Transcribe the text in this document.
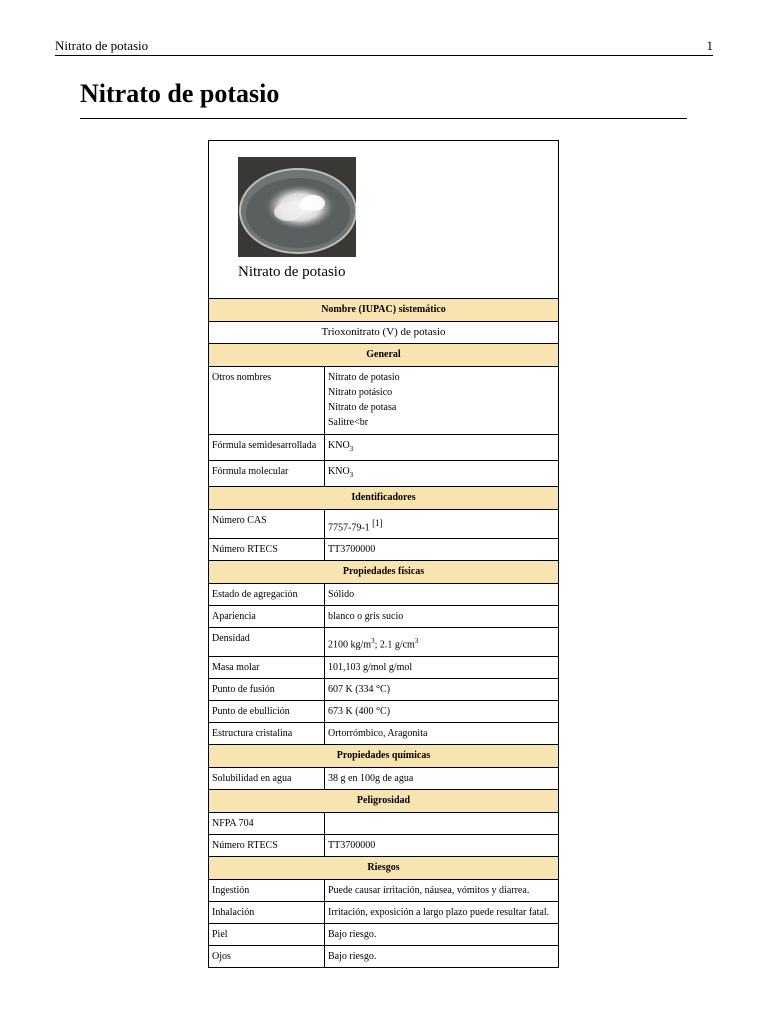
Nitrato de potasio	1
Nitrato de potasio
Nitrato de potasio
Nombre (IUPAC) sistemático	
Trioxonitrato (V) de potasio	
General	
Otros nombres	Nitrato de potasio
Nitrato potásico
Nitrato de potasa
Salitre<br

Fórmula semidesarrollada	$KNO_3$
Fórmula molecular	$KNO_3$
Identificadores	
Número CAS	7757-79-1 [1]
Número RTECS	TT3700000
Propiedades físicas	
Estado de agregación	Sólido
Apariencia	blanco o gris sucio
Densidad	2100 $kg/m^3$; 2.1 $g/cm^3$
Masa molar	101,103 g/mol g/mol
Punto de fusión	607 K (334 °C)
Punto de ebullición	673 K (400 °C)
Estructura cristalina	Ortorrómbico, Aragonita
Propiedades químicas	
Solubilidad en agua	38 g en 100g de agua
Peligrosidad	
NFPA 704	
Número RTECS	TT3700000
Riesgos	
Ingestión	Puede causar irritación, náusea, vómitos y diarrea.
Inhalación	Irritación, exposición a largo plazo puede resultar fatal.
Piel	Bajo riesgo.
Ojos	Bajo riesgo.
